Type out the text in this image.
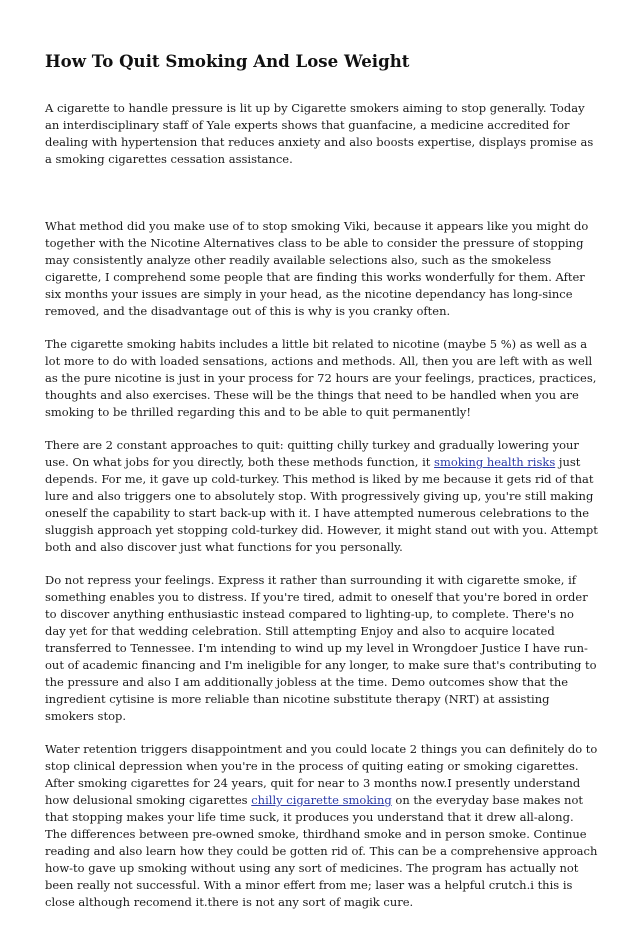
How To Quit Smoking And Lose Weight

A cigarette to handle pressure is lit up by Cigarette smokers aiming to stop generally. Today an interdisciplinary staff of Yale experts shows that guanfacine, a medicine accredited for dealing with hypertension that reduces anxiety and also boosts expertise, displays promise as a smoking cigarettes cessation assistance.

What method did you make use of to stop smoking Viki, because it appears like you might do together with the Nicotine Alternatives class to be able to consider the pressure of stopping may consistently analyze other readily available selections also, such as the smokeless cigarette, I comprehend some people that are finding this works wonderfully for them. After six months your issues are simply in your head, as the nicotine dependancy has long-since removed, and the disadvantage out of this is why is you cranky often.

The cigarette smoking habits includes a little bit related to nicotine (maybe 5 %) as well as a lot more to do with loaded sensations, actions and methods. All, then you are left with as well as the pure nicotine is just in your process for 72 hours are your feelings, practices, practices, thoughts and also exercises. These will be the things that need to be handled when you are smoking to be thrilled regarding this and to be able to quit permanently!

There are 2 constant approaches to quit: quitting chilly turkey and gradually lowering your use. On what jobs for you directly, both these methods function, it smoking health risks just depends. For me, it gave up cold-turkey. This method is liked by me because it gets rid of that lure and also triggers one to absolutely stop. With progressively giving up, you're still making oneself the capability to start back-up with it. I have attempted numerous celebrations to the sluggish approach yet stopping cold-turkey did. However, it might stand out with you. Attempt both and also discover just what functions for you personally.

Do not repress your feelings. Express it rather than surrounding it with cigarette smoke, if something enables you to distress. If you're tired, admit to oneself that you're bored in order to discover anything enthusiastic instead compared to lighting-up, to complete. There's no day yet for that wedding celebration. Still attempting Enjoy and also to acquire located transferred to Tennessee. I'm intending to wind up my level in Wrongdoer Justice I have run-out of academic financing and I'm ineligible for any longer, to make sure that's contributing to the pressure and also I am additionally jobless at the time. Demo outcomes show that the ingredient cytisine is more reliable than nicotine substitute therapy (NRT) at assisting smokers stop.

Water retention triggers disappointment and you could locate 2 things you can definitely do to stop clinical depression when you're in the process of quiting eating or smoking cigarettes. After smoking cigarettes for 24 years, quit for near to 3 months now.I presently understand how delusional smoking cigarettes chilly cigarette smoking on the everyday base makes not that stopping makes your life time suck, it produces you understand that it drew all-along. The differences between pre-owned smoke, thirdhand smoke and in person smoke. Continue reading and also learn how they could be gotten rid of. This can be a comprehensive approach how-to gave up smoking without using any sort of medicines. The program has actually not been really not successful. With a minor effert from me; laser was a helpful crutch.i this is close although recomend it.there is not any sort of magik cure.
